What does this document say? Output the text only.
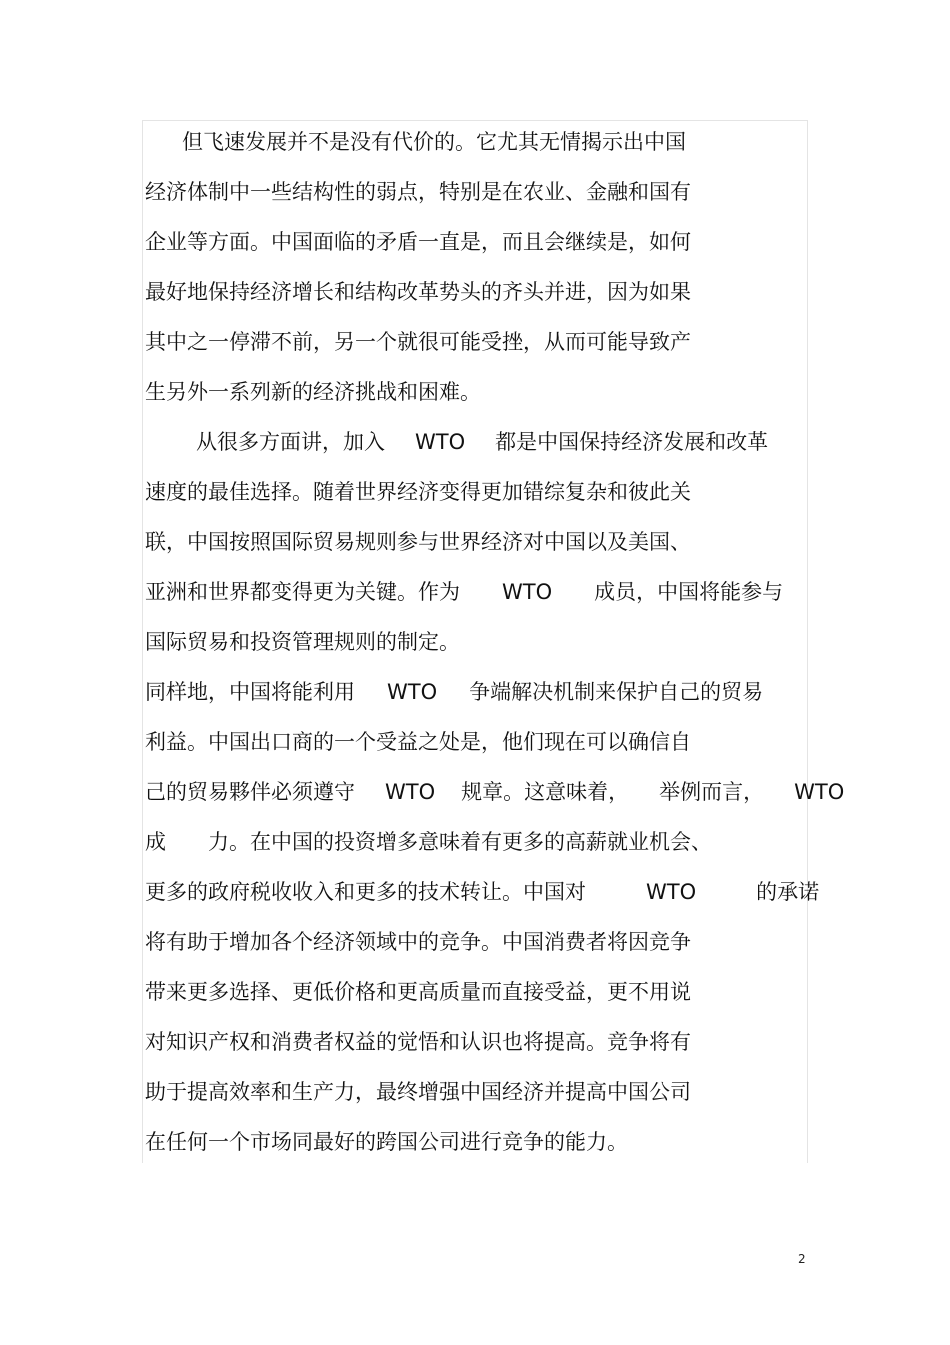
但飞速发展并不是没有代价的。它尤其无情揭示出中国
经济体制中一些结构性的弱点，特别是在农业、金融和国有
企业等方面。中国面临的矛盾一直是，而且会继续是，如何
最好地保持经济增长和结构改革势头的齐头并进，因为如果
其中之一停滞不前，另一个就很可能受挫，从而可能导致产
生另外一系列新的经济挑战和困难。
从很多方面讲，加入 WTO 都是中国保持经济发展和改革
速度的最佳选择。随着世界经济变得更加错综复杂和彼此关
联，中国按照国际贸易规则参与世界经济对中国以及美国、
亚洲和世界都变得更为关键。作为 WTO 成员，中国将能参与
国际贸易和投资管理规则的制定。
同样地，中国将能利用 WTO 争端解决机制来保护自己的贸易
利益。中国出口商的一个受益之处是，他们现在可以确信自
己的贸易夥伴必须遵守 WTO 规章。这意味着， 举例而言， WTO
成 力。在中国的投资增多意味着有更多的高薪就业机会、
更多的政府税收收入和更多的技术转让。中国对	WTO	的承诺
将有助于增加各个经济领域中的竞争。中国消费者将因竞争
带来更多选择、更低价格和更高质量而直接受益，更不用说
对知识产权和消费者权益的觉悟和认识也将提高。竞争将有
助于提高效率和生产力，最终增强中国经济并提高中国公司
在任何一个市场同最好的跨国公司进行竞争的能力。
2
